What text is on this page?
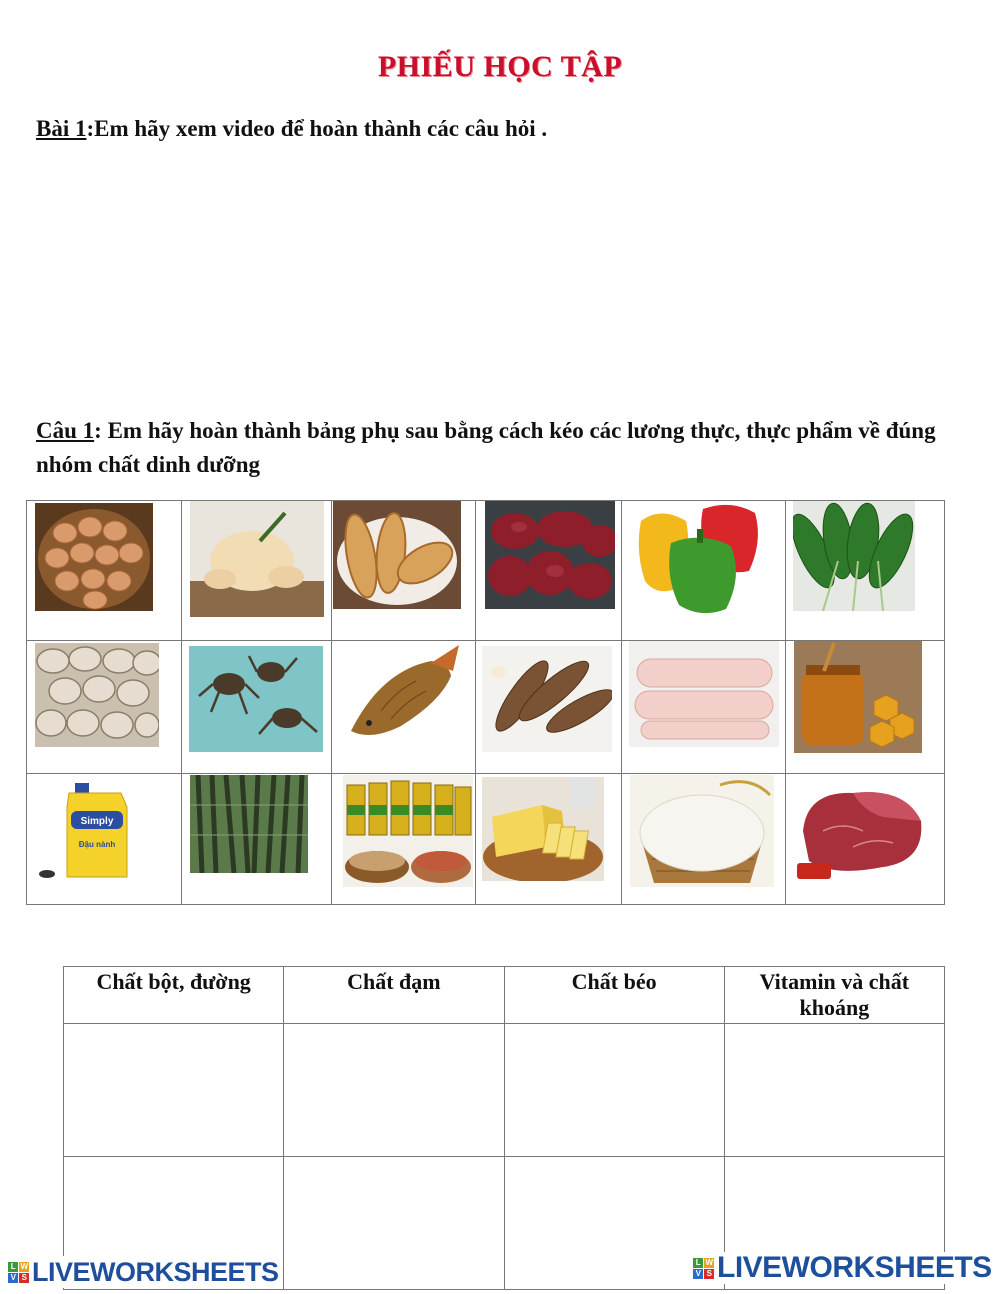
PHIẾU HỌC TẬP
Bài 1:Em hãy xem video để hoàn thành các câu hỏi .
Câu 1: Em hãy hoàn thành bảng phụ sau bằng cách kéo các lương thực, thực phẩm về đúng nhóm chất dinh dưỡng
Simply
Đậu nành
Chất bột, đường	Chất đạm	Chất béo	Vitamin và chất khoáng

L W
V S LIVEWORKSHEETS	L W
V S LIVEWORKSHEETS
